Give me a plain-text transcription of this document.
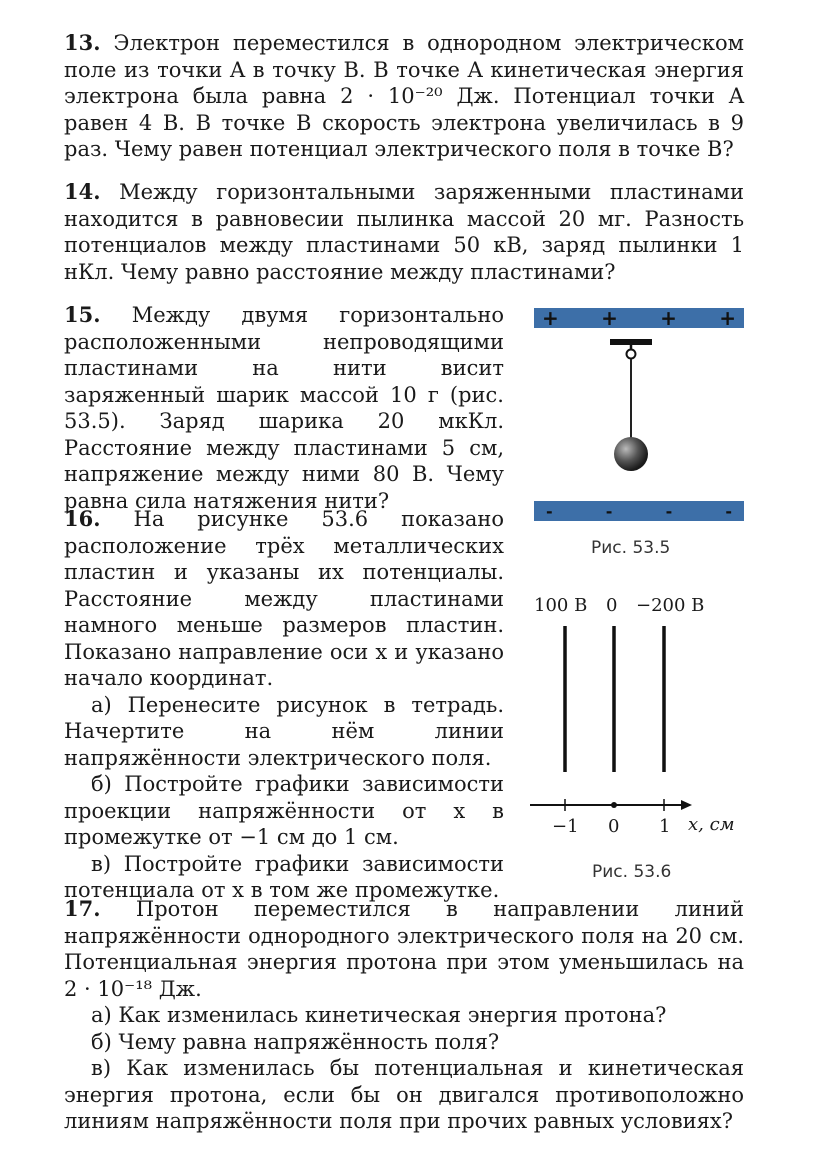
13. Электрон переместился в однородном электрическом поле из точки A в точку B. В точке A кинетическая энергия электрона была равна 2 · 10⁻²⁰ Дж. Потенциал точки A равен 4 В. В точке B скорость электрона увеличилась в 9 раз. Чему равен потенциал электрического поля в точке B?

14. Между горизонтальными заряженными пластинами находится в равновесии пылинка массой 20 мг. Разность потенциалов между пластинами 50 кВ, заряд пылинки 1 нКл. Чему равно расстояние между пластинами?

15. Между двумя горизонтально расположенными непроводящими пластинами на нити висит заряженный шарик массой 10 г (рис. 53.5). Заряд шарика 20 мкКл. Расстояние между пластинами 5 см, напряжение между ними 80 В. Чему равна сила натяжения нити?

16. На рисунке 53.6 показано расположение трёх металлических пластин и указаны их потенциалы. Расстояние между пластинами намного меньше размеров пластин. Показано направление оси x и указано начало координат.
а) Перенесите рисунок в тетрадь. Начертите на нём линии напряжённости электрического поля.
б) Постройте графики зависимости проекции напряжённости от x в промежутке от −1 см до 1 см.
в) Постройте графики зависимости потенциала от x в том же промежутке.

17. Протон переместился в направлении линий напряжённости однородного электрического поля на 20 см. Потенциальная энергия протона при этом уменьшилась на 2 · 10⁻¹⁸ Дж.
а) Как изменилась кинетическая энергия протона?
б) Чему равна напряжённость поля?
в) Как изменилась бы потенциальная и кинетическая энергия протона, если бы он двигался противоположно линиям напряжённости поля при прочих равных условиях?

+ + + +
-	-	-	-
Рис. 53.5
100 В 0 −200 В
−1 0 1 x, см
Рис. 53.6
